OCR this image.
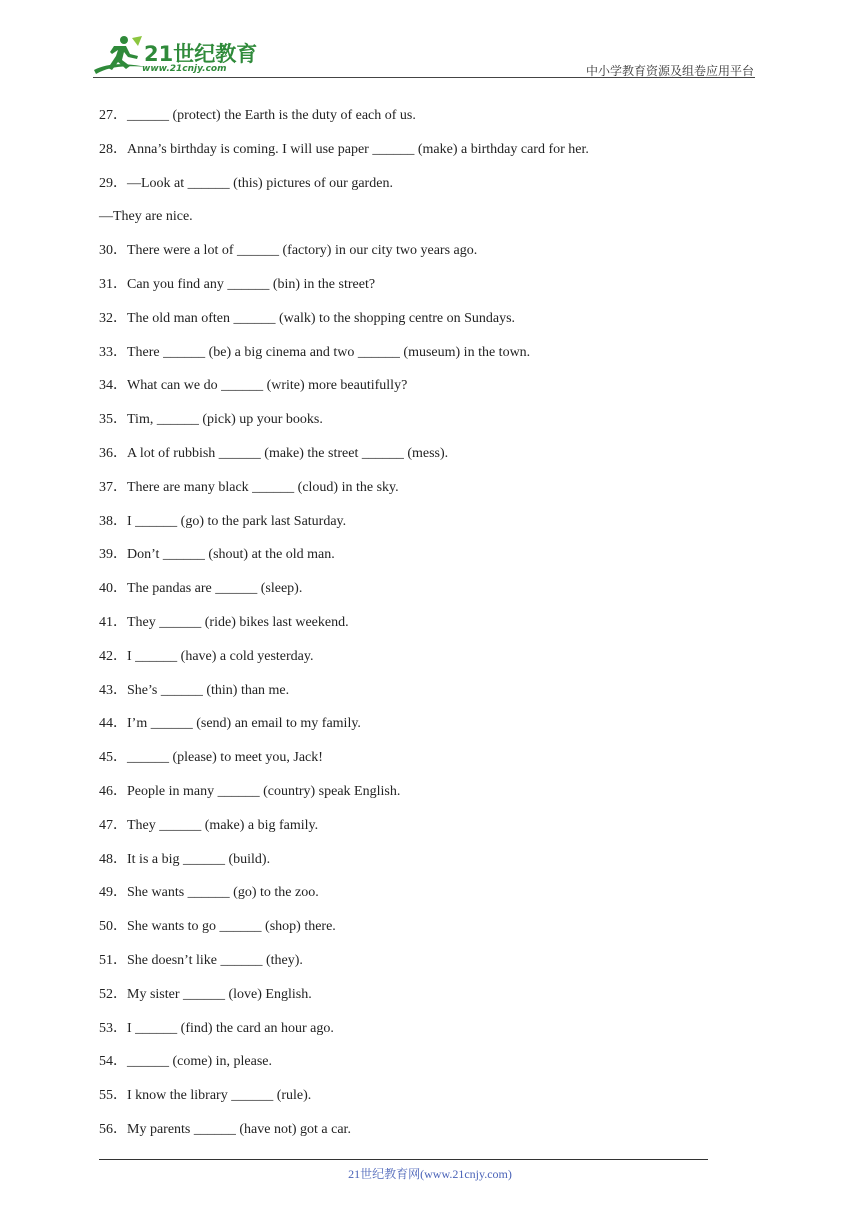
21世纪教育
www.21cnjy.com	中小学教育资源及组卷应用平台
27．______ (protect) the Earth is the duty of each of us.
28．Anna’s birthday is coming. I will use paper ______ (make) a birthday card for her.
29．—Look at ______ (this) pictures of our garden.
—They are nice.
30．There were a lot of ______ (factory) in our city two years ago.
31．Can you find any ______ (bin) in the street?
32．The old man often ______ (walk) to the shopping centre on Sundays.
33．There ______ (be) a big cinema and two ______ (museum) in the town.
34．What can we do ______ (write) more beautifully?
35．Tim, ______ (pick) up your books.
36．A lot of rubbish ______ (make) the street ______ (mess).
37．There are many black ______ (cloud) in the sky.
38．I ______ (go) to the park last Saturday.
39．Don’t ______ (shout) at the old man.
40．The pandas are ______ (sleep).
41．They ______ (ride) bikes last weekend.
42．I ______ (have) a cold yesterday.
43．She’s ______ (thin) than me.
44．I’m ______ (send) an email to my family.
45．______ (please) to meet you, Jack!
46．People in many ______ (country) speak English.
47．They ______ (make) a big family.
48．It is a big ______ (build).
49．She wants ______ (go) to the zoo.
50．She wants to go ______ (shop) there.
51．She doesn’t like ______ (they).
52．My sister ______ (love) English.
53．I ______ (find) the card an hour ago.
54．______ (come) in, please.
55．I know the library ______ (rule).
56．My parents ______ (have not) got a car.
21世纪教育网(www.21cnjy.com)
